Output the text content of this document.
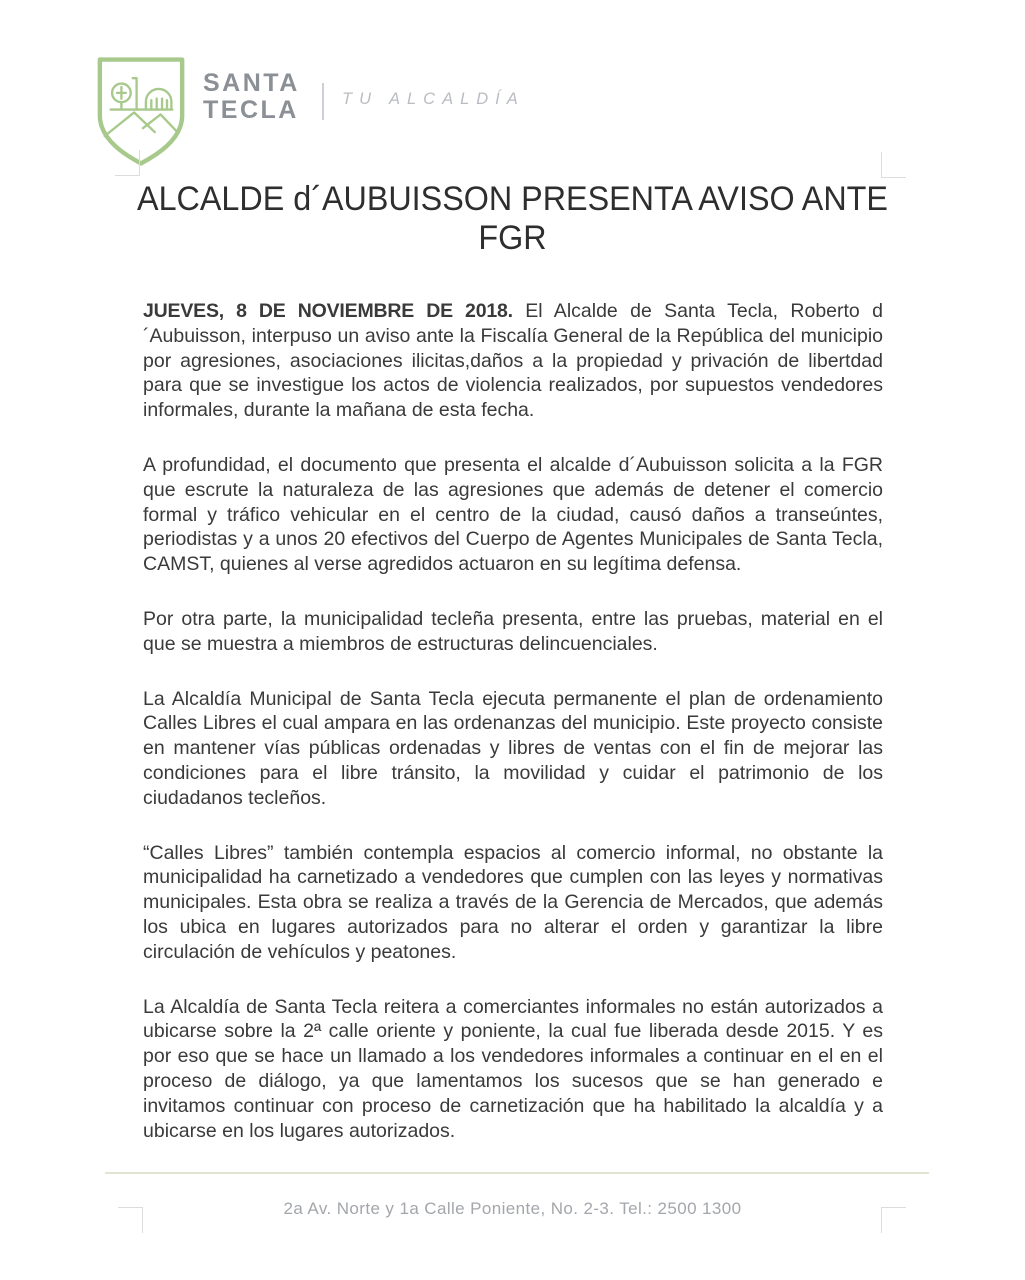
SANTA
TECLA	TU ALCALDÍA
ALCALDE d´AUBUISSON PRESENTA AVISO ANTE
FGR

JUEVES, 8 DE NOVIEMBRE DE 2018. El Alcalde de Santa Tecla, Roberto d´Aubuisson, interpuso un aviso ante la Fiscalía General de la República del municipio por agresiones, asociaciones ilicitas,daños a la propiedad y privación de libertdad para que se investigue los actos de violencia realizados, por supuestos vendedores informales, durante la mañana de esta fecha.

A profundidad, el documento que presenta el alcalde d´Aubuisson solicita a la FGR que escrute la naturaleza de las agresiones que además de detener el comercio formal y tráfico vehicular en el centro de la ciudad, causó daños a transeúntes, periodistas y a unos 20 efectivos del Cuerpo de Agentes Municipales de Santa Tecla, CAMST, quienes al verse agredidos actuaron en su legítima defensa.

Por otra parte, la municipalidad tecleña presenta, entre las pruebas, material en el que se muestra a miembros de estructuras delincuenciales.

La Alcaldía Municipal de Santa Tecla ejecuta permanente el plan de ordenamiento Calles Libres el cual ampara en las ordenanzas del municipio. Este proyecto consiste en mantener vías públicas ordenadas y libres de ventas con el fin de mejorar las condiciones para el libre tránsito, la movilidad y cuidar el patrimonio de los ciudadanos tecleños.

“Calles Libres” también contempla espacios al comercio informal, no obstante la municipalidad ha carnetizado a vendedores que cumplen con las leyes y normativas municipales. Esta obra se realiza a través de la Gerencia de Mercados, que además los ubica en lugares autorizados para no alterar el orden y garantizar la libre circulación de vehículos y peatones.

La Alcaldía de Santa Tecla reitera a comerciantes informales no están autorizados a ubicarse sobre la 2ª calle oriente y poniente, la cual fue liberada desde 2015. Y es por eso que se hace un llamado a los vendedores informales a continuar en el en el proceso de diálogo, ya que lamentamos los sucesos que se han generado e invitamos continuar con proceso de carnetización que ha habilitado la alcaldía y a ubicarse en los lugares autorizados.

2a Av. Norte y 1a Calle Poniente, No. 2-3. Tel.: 2500 1300
